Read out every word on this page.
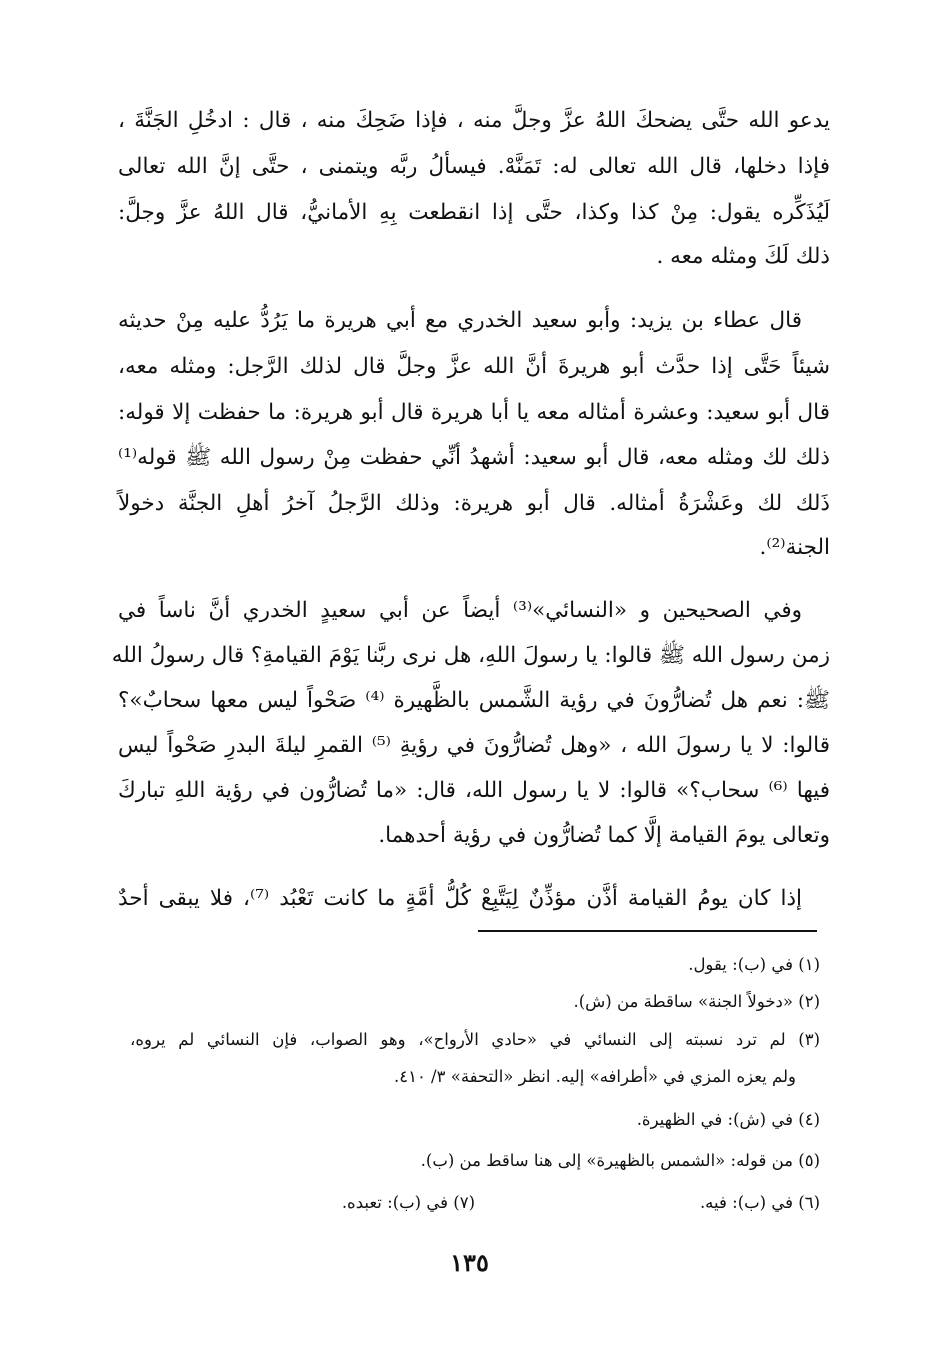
يدعو الله حتَّى يضحكَ اللهُ عزَّ وجلَّ منه ، فإذا ضَحِكَ منه ، قال : ادخُلِ الجَنَّةَ ،
فإذا دخلها، قال الله تعالى له: تَمَنَّهْ. فيسألُ ربَّه ويتمنى ، حتَّى إنَّ الله تعالى
لَيُذَكِّره يقول: مِنْ كذا وكذا، حتَّى إذا انقطعت بِهِ الأمانيُّ، قال اللهُ عزَّ وجلَّ:
ذلك لَكَ ومثله معه .
قال عطاء بن يزيد: وأبو سعيد الخدري مع أبي هريرة ما يَرُدُّ عليه مِنْ حديثه
شيئاً حَتَّى إذا حدَّث أبو هريرةَ أنَّ الله عزَّ وجلَّ قال لذلك الرَّجل: ومثله معه،
قال أبو سعيد: وعشرة أمثاله معه يا أبا هريرة قال أبو هريرة: ما حفظت إلا قوله:
ذلك لك ومثله معه، قال أبو سعيد: أشهدُ أنِّي حفظت مِنْ رسول الله ﷺ قوله⁽¹⁾
ذَلك لك وعَشْرَةُ أمثاله. قال أبو هريرة: وذلك الرَّجلُ آخرُ أهلِ الجنَّة دخولاً
الجنة⁽²⁾.
وفي الصحيحين و «النسائي»⁽³⁾ أيضاً عن أبي سعيدٍ الخدري أنَّ ناساً في
زمن رسول الله ﷺ قالوا: يا رسولَ اللهِ، هل نرى ربَّنا يَوْمَ القيامةِ؟ قال رسولُ الله
ﷺ: نعم هل تُضارُّونَ في رؤية الشَّمس بالظَّهيرة ⁽⁴⁾ صَحْواً ليس معها سحابٌ»؟
قالوا: لا يا رسولَ الله ، «وهل تُضارُّونَ في رؤيةِ ⁽⁵⁾ القمرِ ليلةَ البدرِ صَحْواً ليس
فيها ⁽⁶⁾ سحاب؟» قالوا: لا يا رسول الله، قال: «ما تُضارُّون في رؤية اللهِ تباركَ
وتعالى يومَ القيامة إلَّا كما تُضارُّون في رؤية أحدهما.
إذا كان يومُ القيامة أذَّن مؤذِّنٌ لِيَتَّبِعْ كُلُّ أمَّةٍ ما كانت تَعْبُد ⁽⁷⁾، فلا يبقى أحدٌ
(١) في (ب): يقول.
(٢) «دخولاً الجنة» ساقطة من (ش).
(٣) لم ترد نسبته إلى النسائي في «حادي الأرواح»، وهو الصواب، فإن النسائي لم يروه،
ولم يعزه المزي في «أطرافه» إليه. انظر «التحفة» ٣/ ٤١٠.
(٤) في (ش): في الظهيرة.
(٥) من قوله: «الشمس بالظهيرة» إلى هنا ساقط من (ب).
(٦) في (ب): فيه.
(٧) في (ب): تعبده.
١٣٥
